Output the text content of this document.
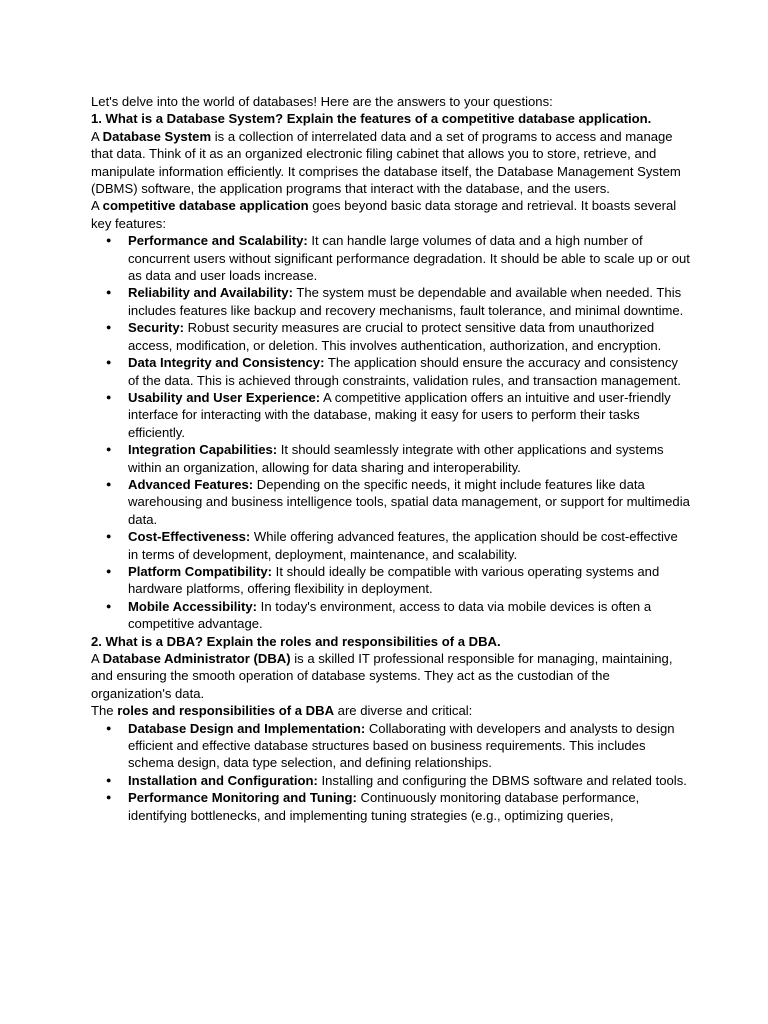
Let's delve into the world of databases! Here are the answers to your questions:

1. What is a Database System? Explain the features of a competitive database application.

A Database System is a collection of interrelated data and a set of programs to access and manage that data. Think of it as an organized electronic filing cabinet that allows you to store, retrieve, and manipulate information efficiently. It comprises the database itself, the Database Management System (DBMS) software, the application programs that interact with the database, and the users.

A competitive database application goes beyond basic data storage and retrieval. It boasts several key features:

● Performance and Scalability: It can handle large volumes of data and a high number of concurrent users without significant performance degradation. It should be able to scale up or out as data and user loads increase.
● Reliability and Availability: The system must be dependable and available when needed. This includes features like backup and recovery mechanisms, fault tolerance, and minimal downtime.
● Security: Robust security measures are crucial to protect sensitive data from unauthorized access, modification, or deletion. This involves authentication, authorization, and encryption.
● Data Integrity and Consistency: The application should ensure the accuracy and consistency of the data. This is achieved through constraints, validation rules, and transaction management.
● Usability and User Experience: A competitive application offers an intuitive and user-friendly interface for interacting with the database, making it easy for users to perform their tasks efficiently.
● Integration Capabilities: It should seamlessly integrate with other applications and systems within an organization, allowing for data sharing and interoperability.
● Advanced Features: Depending on the specific needs, it might include features like data warehousing and business intelligence tools, spatial data management, or support for multimedia data.
● Cost-Effectiveness: While offering advanced features, the application should be cost-effective in terms of development, deployment, maintenance, and scalability.
● Platform Compatibility: It should ideally be compatible with various operating systems and hardware platforms, offering flexibility in deployment.
● Mobile Accessibility: In today's environment, access to data via mobile devices is often a competitive advantage.

2. What is a DBA? Explain the roles and responsibilities of a DBA.

A Database Administrator (DBA) is a skilled IT professional responsible for managing, maintaining, and ensuring the smooth operation of database systems. They act as the custodian of the organization's data.

The roles and responsibilities of a DBA are diverse and critical:

● Database Design and Implementation: Collaborating with developers and analysts to design efficient and effective database structures based on business requirements. This includes schema design, data type selection, and defining relationships.
● Installation and Configuration: Installing and configuring the DBMS software and related tools.
● Performance Monitoring and Tuning: Continuously monitoring database performance, identifying bottlenecks, and implementing tuning strategies (e.g., optimizing queries,
